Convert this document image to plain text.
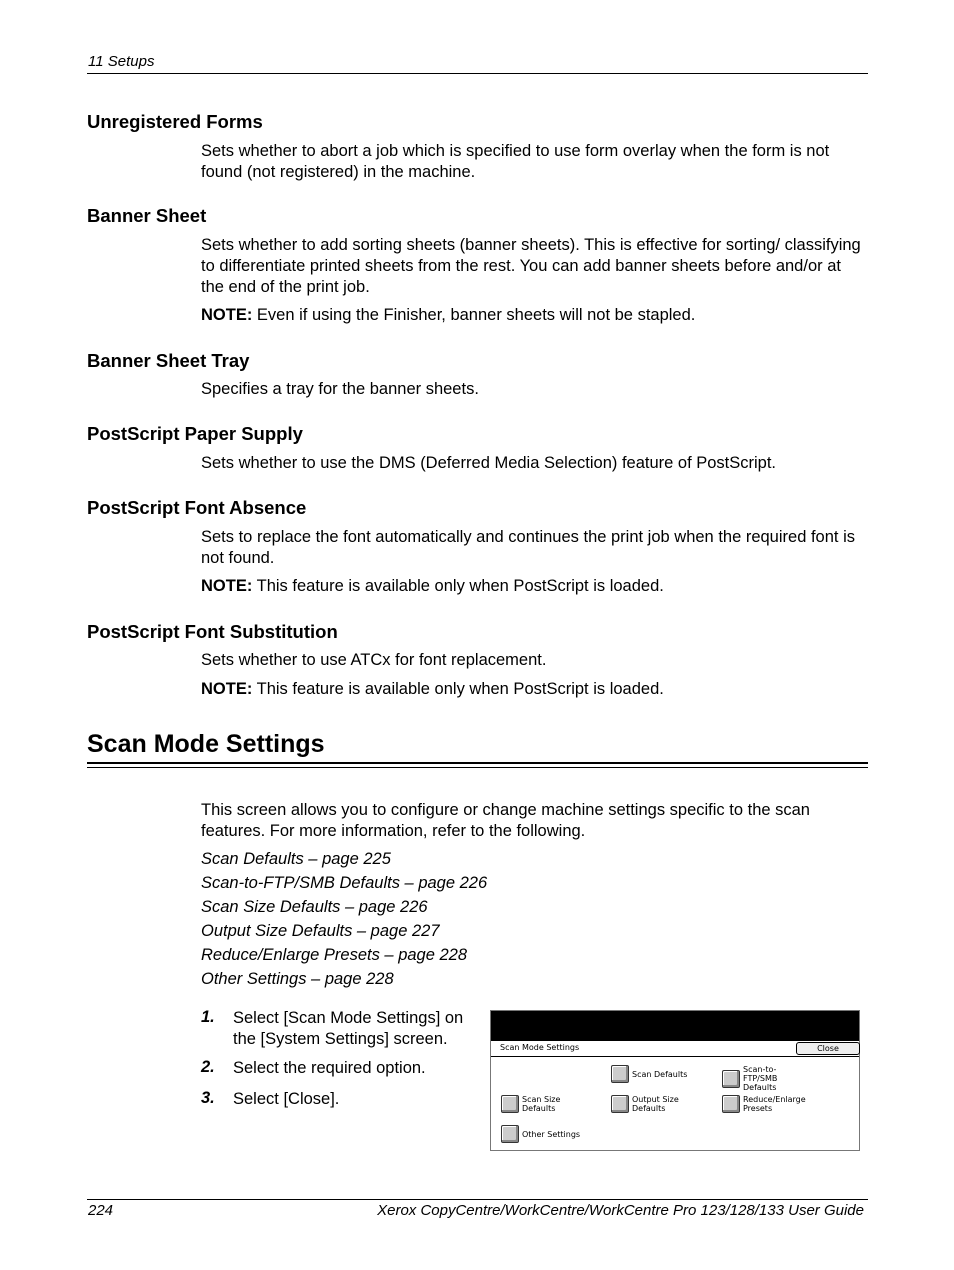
11 Setups
Unregistered Forms
Sets whether to abort a job which is specified to use form overlay when the form is not found (not registered) in the machine.
Banner Sheet
Sets whether to add sorting sheets (banner sheets). This is effective for sorting/ classifying to differentiate printed sheets from the rest. You can add banner sheets before and/or at the end of the print job.
NOTE: Even if using the Finisher, banner sheets will not be stapled.
Banner Sheet Tray
Specifies a tray for the banner sheets.
PostScript Paper Supply
Sets whether to use the DMS (Deferred Media Selection) feature of PostScript.
PostScript Font Absence
Sets to replace the font automatically and continues the print job when the required font is not found.
NOTE: This feature is available only when PostScript is loaded.
PostScript Font Substitution
Sets whether to use ATCx for font replacement.
NOTE: This feature is available only when PostScript is loaded.
Scan Mode Settings
This screen allows you to configure or change machine settings specific to the scan features. For more information, refer to the following.
Scan Defaults – page 225
Scan-to-FTP/SMB Defaults – page 226
Scan Size Defaults – page 226
Output Size Defaults – page 227
Reduce/Enlarge Presets – page 228
Other Settings – page 228
1. Select [Scan Mode Settings] on the [System Settings] screen.
2. Select the required option.
3. Select [Close].
Scan Mode Settings	Close
Scan Defaults	Scan-to-FTP/SMB Defaults
Scan Size Defaults
Output Size Defaults
Reduce/Enlarge Presets
Other Settings
224	Xerox CopyCentre/WorkCentre/WorkCentre Pro 123/128/133 User Guide
